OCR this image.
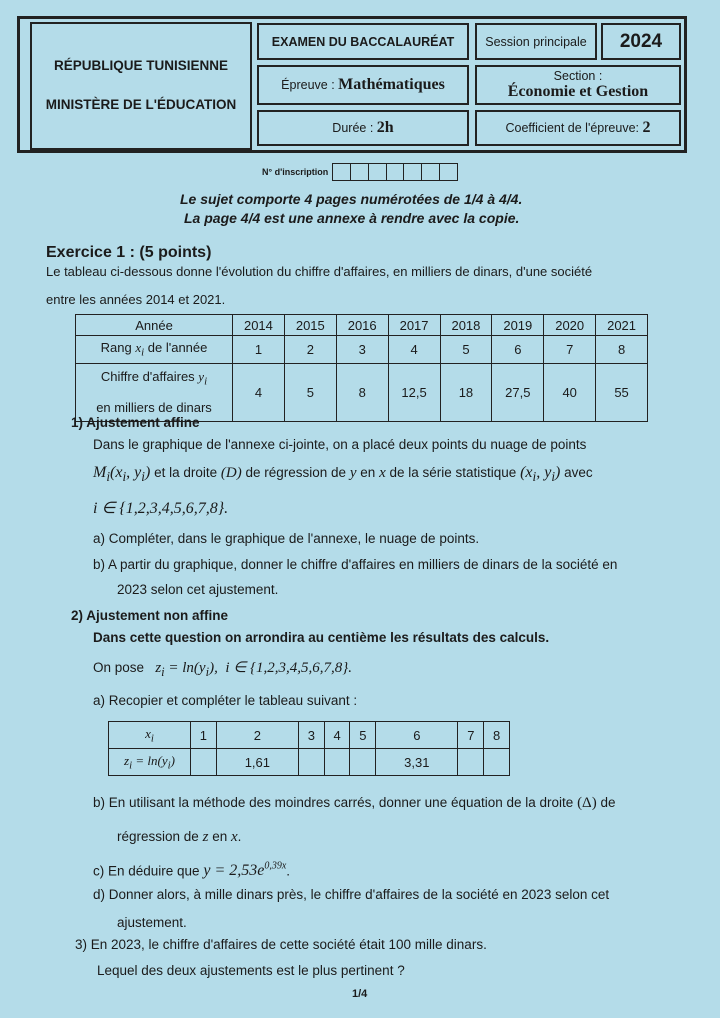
RÉPUBLIQUE TUNISIENNE
MINISTÈRE DE L'ÉDUCATION
EXAMEN DU BACCALAURÉAT Session principale 2024
Épreuve :
Mathématiques	Section :
Économie et Gestion
Durée :
2h	Coefficient de l'épreuve:
2
N° d'inscription
Le sujet comporte 4 pages numérotées de 1/4 à 4/4.
La page 4/4 est une annexe à rendre avec la copie.
Exercice 1 : (5 points)
Le tableau ci-dessous donne l'évolution du chiffre d'affaires, en milliers de dinars, d'une société
entre les années 2014 et 2021.
Année	2014	2015	2016	2017	2018	2019	2020	2021
Rang $x_i$ de l'année	1	2	3	4	5	6	7	8
Chiffre d'affaires $y_i$
en milliers de dinars	4	5	8	12,5	18	27,5	40	55
1) Ajustement affine
Dans le graphique de l'annexe ci-jointe, on a placé deux points du nuage de points
$M_i(x_i$, $y_i$) et la droite (D) de régression de y en x de la série statistique ($x_i$, $y_i$) avec
i ∈ {1,2,3,4,5,6,7,8}.
a) Compléter, dans le graphique de l'annexe, le nuage de points.
b) A partir du graphique, donner le chiffre d'affaires en milliers de dinars de la société en
2023 selon cet ajustement.
2) Ajustement non affine
Dans cette question on arrondira au centième les résultats des calculs.
On pose   $z_i = \ln(y_i)$,  i ∈ {1,2,3,4,5,6,7,8}.
a) Recopier et compléter le tableau suivant :
$x_i$	1	2	3	4	5	6	7	8
$z_i = \ln(y_i)$		1,61				3,31		
b) En utilisant la méthode des moindres carrés, donner une équation de la droite (Δ) de
régression de z en x.
c) En déduire que $y = 2,53e^{0,39x}$.
d) Donner alors, à mille dinars près, le chiffre d'affaires de la société en 2023 selon cet
ajustement.
3) En 2023, le chiffre d'affaires de cette société était 100 mille dinars.
Lequel des deux ajustements est le plus pertinent ?
1/4
